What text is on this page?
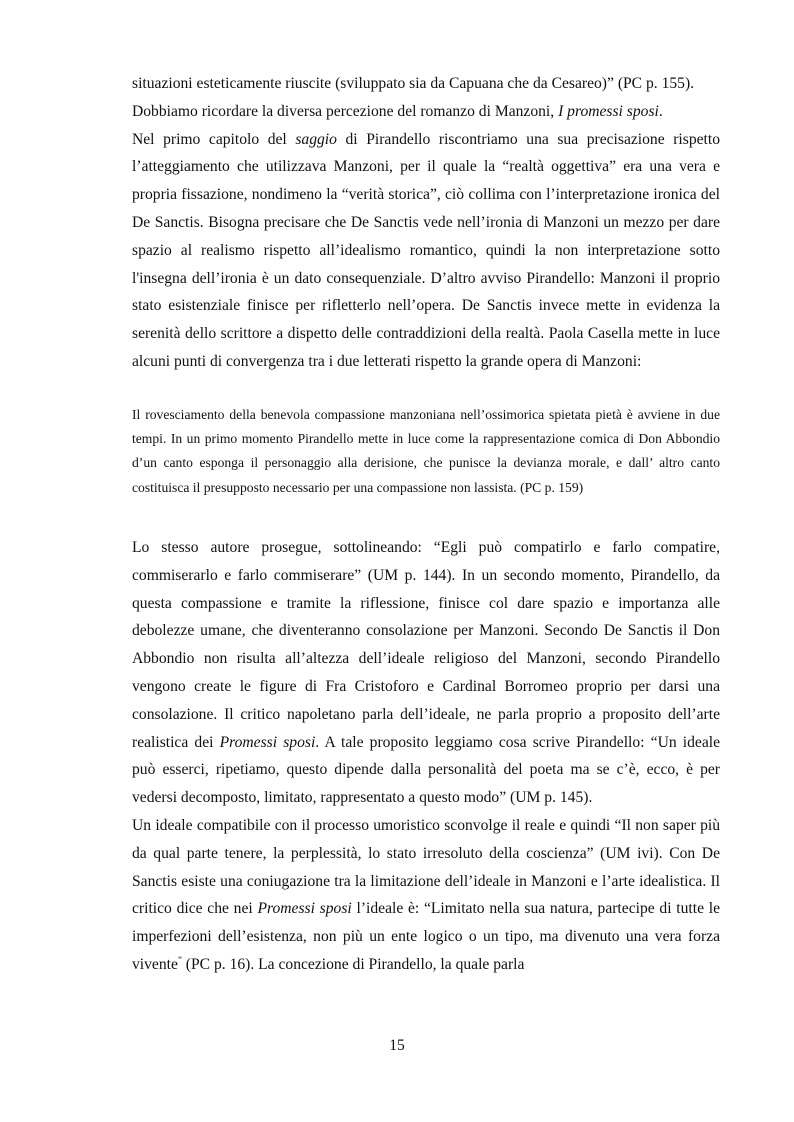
situazioni esteticamente riuscite (sviluppato sia da Capuana che da Cesareo)” (PC p. 155).

Dobbiamo ricordare la diversa percezione del romanzo di Manzoni, I promessi sposi.

Nel primo capitolo del saggio di Pirandello riscontriamo una sua precisazione rispetto l’atteggiamento che utilizzava Manzoni, per il quale la “realtà oggettiva” era una vera e propria fissazione, nondimeno la “verità storica”, ciò collima con l’interpretazione ironica del De Sanctis. Bisogna precisare che De Sanctis vede nell’ironia di Manzoni un mezzo per dare spazio al realismo rispetto all’idealismo romantico, quindi la non interpretazione sotto l'insegna dell’ironia è un dato consequenziale. D’altro avviso Pirandello: Manzoni il proprio stato esistenziale finisce per rifletterlo nell’opera. De Sanctis invece mette in evidenza la serenità dello scrittore a dispetto delle contraddizioni della realtà. Paola Casella mette in luce alcuni punti di convergenza tra i due letterati rispetto la grande opera di Manzoni:

Il rovesciamento della benevola compassione manzoniana nell’ossimorica spietata pietà è avviene in due tempi. In un primo momento Pirandello mette in luce come la rappresentazione comica di Don Abbondio d’un canto esponga il personaggio alla derisione, che punisce la devianza morale, e dall’ altro canto costituisca il presupposto necessario per una compassione non lassista. (PC p. 159)

Lo stesso autore prosegue, sottolineando: “Egli può compatirlo e farlo compatire, commiserarlo e farlo commiserare” (UM p. 144). In un secondo momento, Pirandello, da questa compassione e tramite la riflessione, finisce col dare spazio e importanza alle debolezze umane, che diventeranno consolazione per Manzoni. Secondo De Sanctis il Don Abbondio non risulta all’altezza dell’ideale religioso del Manzoni, secondo Pirandello vengono create le figure di Fra Cristoforo e Cardinal Borromeo proprio per darsi una consolazione. Il critico napoletano parla dell’ideale, ne parla proprio a proposito dell’arte realistica dei Promessi sposi. A tale proposito leggiamo cosa scrive Pirandello: “Un ideale può esserci, ripetiamo, questo dipende dalla personalità del poeta ma se c’è, ecco, è per vedersi decomposto, limitato, rappresentato a questo modo” (UM p. 145).

Un ideale compatibile con il processo umoristico sconvolge il reale e quindi “Il non saper più da qual parte tenere, la perplessità, lo stato irresoluto della coscienza” (UM ivi). Con De Sanctis esiste una coniugazione tra la limitazione dell’ideale in Manzoni e l’arte idealistica. Il critico dice che nei Promessi sposi l’ideale è: “Limitato nella sua natura, partecipe di tutte le imperfezioni dell’esistenza, non più un ente logico o un tipo, ma divenuto una vera forza vivente” (PC p. 16). La concezione di Pirandello, la quale parla

15
